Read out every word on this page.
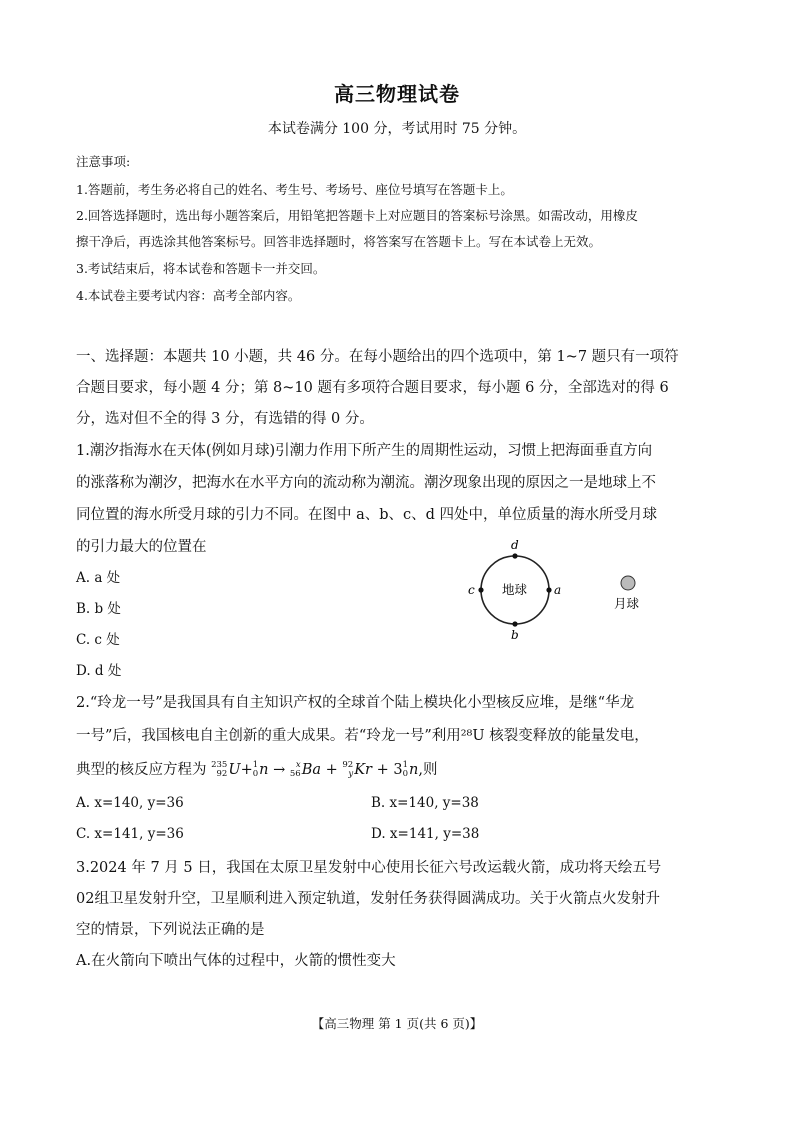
高三物理试卷
本试卷满分 100 分，考试用时 75 分钟。
注意事项:
1.答题前，考生务必将自己的姓名、考生号、考场号、座位号填写在答题卡上。
2.回答选择题时，选出每小题答案后，用铅笔把答题卡上对应题目的答案标号涂黑。如需改动，用橡皮
擦干净后，再选涂其他答案标号。回答非选择题时，将答案写在答题卡上。写在本试卷上无效。
3.考试结束后，将本试卷和答题卡一并交回。
4.本试卷主要考试内容：高考全部内容。
一、选择题：本题共 10 小题，共 46 分。在每小题给出的四个选项中，第 1~7 题只有一项符
合题目要求，每小题 4 分；第 8~10 题有多项符合题目要求，每小题 6 分，全部选对的得 6
分，选对但不全的得 3 分，有选错的得 0 分。
1.潮汐指海水在天体(例如月球)引潮力作用下所产生的周期性运动，习惯上把海面垂直方向
的涨落称为潮汐，把海水在水平方向的流动称为潮流。潮汐现象出现的原因之一是地球上不
同位置的海水所受月球的引力不同。在图中 a、b、c、d 四处中，单位质量的海水所受月球
的引力最大的位置在
A. a 处
B. b 处
C. c 处
D. d 处
地球
月球
d
b
c	a
2.“玲龙一号”是我国具有自主知识产权的全球首个陆上模块化小型核反应堆，是继“华龙
一号”后，我国核电自主创新的重大成果。若“玲龙一号”利用²⁸U 核裂变释放的能量发电，
典型的核反应方程为 235
92 U+ 1
0 n →	x
56 Ba + 92
y Kr + 3 1
0 n,则
A. x=140, y=36	B. x=140, y=38
C. x=141, y=36	D. x=141, y=38
3.2024 年 7 月 5 日，我国在太原卫星发射中心使用长征六号改运载火箭，成功将天绘五号
02组卫星发射升空，卫星顺利进入预定轨道，发射任务获得圆满成功。关于火箭点火发射升
空的情景，下列说法正确的是
A.在火箭向下喷出气体的过程中，火箭的惯性变大
【高三物理 第 1 页(共 6 页)】
